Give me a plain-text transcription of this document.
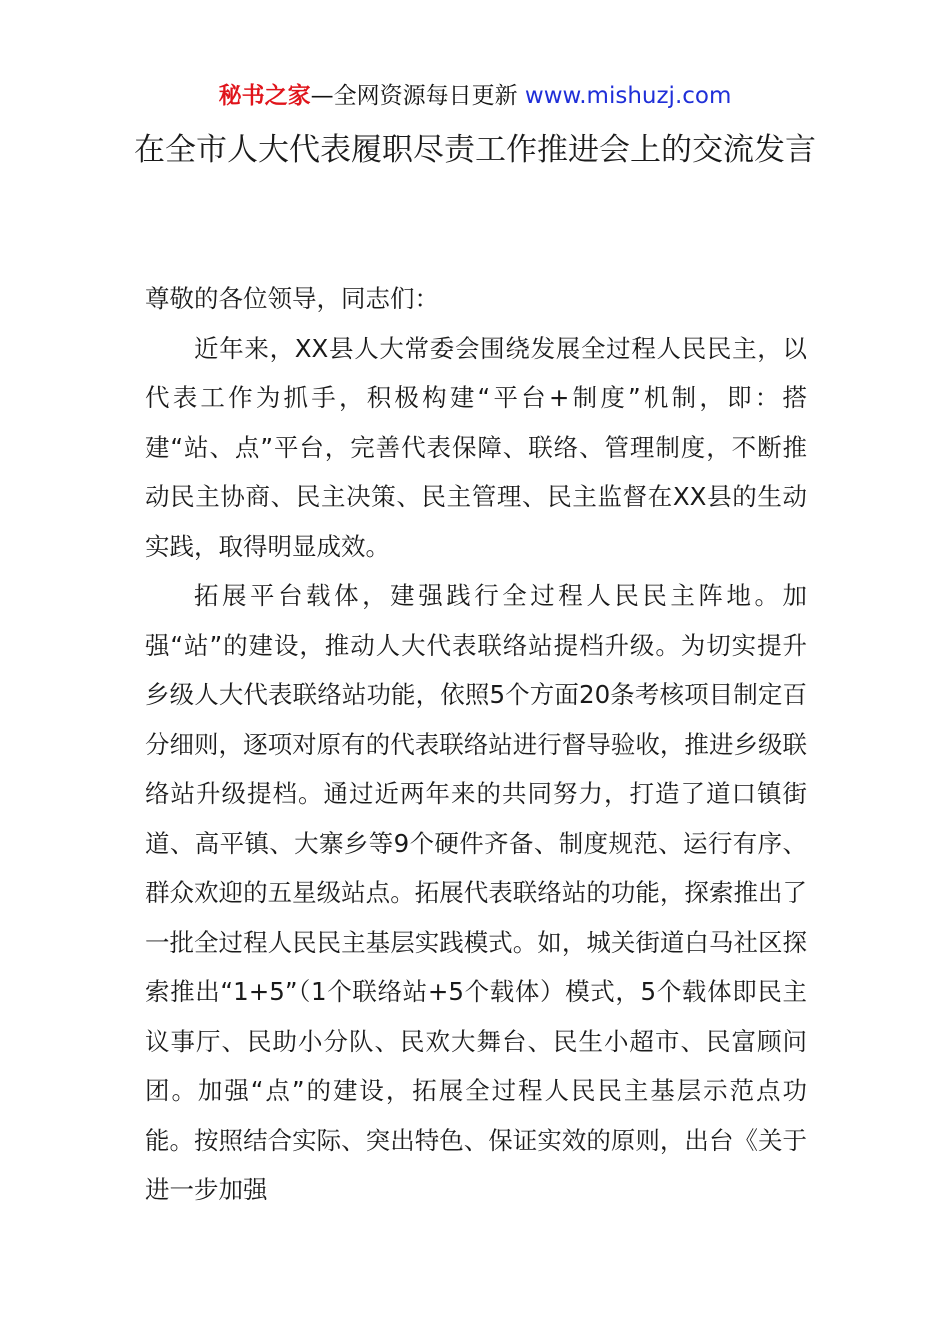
秘书之家—全网资源每日更新 www.mishuzj.com
在全市人大代表履职尽责工作推进会上的交流发言

尊敬的各位领导，同志们：

近年来，XX县人大常委会围绕发展全过程人民民主，以代表工作为抓手，积极构建“平台+制度”机制，即：搭建“站、点”平台，完善代表保障、联络、管理制度，不断推动民主协商、民主决策、民主管理、民主监督在XX县的生动实践，取得明显成效。

拓展平台载体，建强践行全过程人民民主阵地。加强“站”的建设，推动人大代表联络站提档升级。为切实提升乡级人大代表联络站功能，依照5个方面20条考核项目制定百分细则，逐项对原有的代表联络站进行督导验收，推进乡级联络站升级提档。通过近两年来的共同努力，打造了道口镇街道、高平镇、大寨乡等9个硬件齐备、制度规范、运行有序、群众欢迎的五星级站点。拓展代表联络站的功能，探索推出了一批全过程人民民主基层实践模式。如，城关街道白马社区探索推出“1+5”（1个联络站+5个载体）模式，5个载体即民主议事厅、民助小分队、民欢大舞台、民生小超市、民富顾问团。加强“点”的建设，拓展全过程人民民主基层示范点功能。按照结合实际、突出特色、保证实效的原则，出台《关于进一步加强
